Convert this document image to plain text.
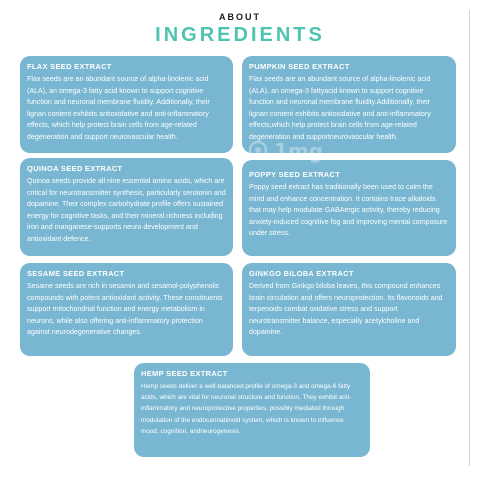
ABOUT
INGREDIENTS
FLAX SEED EXTRACT

Flax seeds are an abundant source of alpha-linolenic acid (ALA), an omega-3 fatty acid known to support cognitive function and neuronal membrane fluidity. Additionally, their lignan content exhibits antioxidative and anti-inflammatory effects, which help protect brain cells from age-related degeneration and support neurovascular health.

PUMPKIN SEED EXTRACT

Flax seeds are an abundant source of alpha-linolenic acid (ALA), an omega-3 fattyacid known to support cognitive function and neuronal membrane fluidity.Additionally, their lignan content exhibits antioxidative and anti-inflammatory effects,which help protect brain cells from age-related degeneration and supportneurovascular health.

QUINOA SEED EXTRACT

Quinoa seeds provide all nine essential amino acids, which are critical for neurotransmitter synthesis, particularly serotonin and dopamine. Their complex carbohydrate profile offers sustained energy for cognitive tasks, and their mineral richness including iron and manganese-supports neuro development and antioxidant defence.

POPPY SEED EXTRACT

Poppy seed extract has traditionally been used to calm the mind and enhance concentration. It contains trace alkaloids that may help modulate GABAergic activity, thereby reducing anxiety-induced cognitive fog and improving mental composure under stress.

SESAME SEED EXTRACT

Sesame seeds are rich in sesamin and sesamol-polyphenolic compounds with potent antioxidant activity. These constituents support mitochondrial function and energy metabolism in neurons, while also offering anti-inflammatory protection against neurodegenerative changes.

GINKGO BILOBA EXTRACT

Derived from Ginkgo biloba leaves, this compound enhances brain circulation and offers neuroprotection. Its flavonoids and terpenoids combat oxidative stress and support neurotransmitter balance, especially acetylcholine and dopamine.

HEMP SEED EXTRACT

Hemp seeds deliver a well-balanced profile of omega-3 and omega-6 fatty acids, which are vital for neuronal structure and function. They exhibit anti-inflammatory and neuroprotective properties, possibly mediated through modulation of the endocannabinoid system, which is known to influence mood, cognition, andneurogenesis.

1mg
